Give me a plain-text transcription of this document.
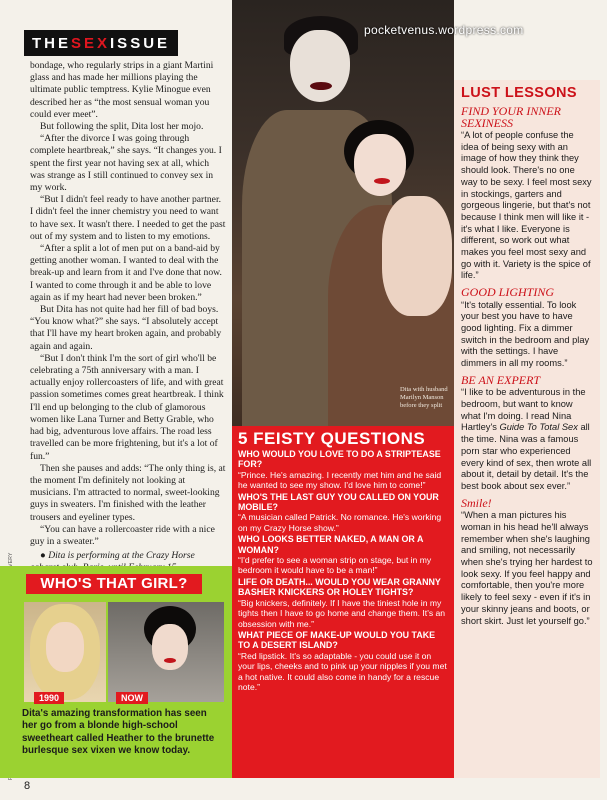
THE SEX ISSUE

bondage, who regularly strips in a giant Martini glass and has made her millions playing the ultimate public temptress. Kylie Minogue even described her as “the most sensual woman you could ever meet”.

But following the split, Dita lost her mojo.

“After the divorce I was going through complete heartbreak,” she says. “It changes you. I spent the first year not having sex at all, which was strange as I still continued to convey sex in my work.

“But I didn't feel ready to have another partner. I didn't feel the inner chemistry you need to want to have sex. It wasn't there. I needed to get the past out of my system and to listen to my emotions.

“After a split a lot of men put on a band-aid by getting another woman. I wanted to deal with the break-up and learn from it and I've done that now. I wanted to come through it and be able to love again as if my heart had never been broken.”

But Dita has not quite had her fill of bad boys. “You know what?” she says. “I absolutely accept that I'll have my heart broken again, and probably again and again.

“But I don't think I'm the sort of girl who'll be celebrating a 75th anniversary with a man. I actually enjoy rollercoasters of life, and with great passion sometimes comes great heartbreak. I think I'll end up belonging to the club of glamorous women like Lana Turner and Betty Grable, who had big, adventurous love affairs. The road less travelled can be more frightening, but it's a lot of fun.”

Then she pauses and adds: “The only thing is, at the moment I'm definitely not looking at musicians. I'm attracted to normal, sweet-looking guys in sweaters. I'm finished with the leather trousers and eyeliner types.

“You can have a rollercoaster ride with a nice guy in a sweater.”

● Dita is performing at the Crazy Horse

Dita with husband Marilyn Manson before they split
pocketvenus.wordpress.com
5 FEISTY QUESTIONS
WHO WOULD YOU LOVE TO DO A STRIPTEASE FOR?
“Prince. He's amazing. I recently met him and he said he wanted to see my show. I'd love him to come!”
WHO'S THE LAST GUY YOU CALLED ON YOUR MOBILE?
“A musician called Patrick. No romance. He's working on my Crazy Horse show.”
WHO LOOKS BETTER NAKED, A MAN OR A WOMAN?
“I'd prefer to see a woman strip on stage, but in my bedroom it would have to be a man!”
LIFE OR DEATH... WOULD YOU WEAR GRANNY BASHER KNICKERS OR HOLEY TIGHTS?
“Big knickers, definitely. If I have the tiniest hole in my tights then I have to go home and change them. It's an obsession with me.”
WHAT PIECE OF MAKE-UP WOULD YOU TAKE TO A DESERT ISLAND?
“Red lipstick. It's so adaptable - you could use it on your lips, cheeks and to pink up your nipples if you met a hot native. It could also come in handy for a rescue note.”
LUST LESSONS
FIND YOUR INNER SEXINESS
“A lot of people confuse the idea of being sexy with an image of how they think they should look. There's no one way to be sexy. I feel most sexy in stockings, garters and gorgeous lingerie, but that's not because I think men will like it - it's what I like. Everyone is different, so work out what makes you feel most sexy and go with it. Variety is the spice of life.”
GOOD LIGHTING
“It's totally essential. To look your best you have to have good lighting. Fix a dimmer switch in the bedroom and play with the settings. I have dimmers in all my rooms.”
BE AN EXPERT
“I like to be adventurous in the bedroom, but want to know what I'm doing. I read Nina Hartley's Guide To Total Sex all the time. Nina was a famous porn star who experienced every kind of sex, then wrote all about it, detail by detail. It's the best book about sex ever.”
Smile!
“When a man pictures his woman in his head he'll always remember when she's laughing and smiling, not necessarily when she's trying her hardest to look sexy. If you feel happy and comfortable, then you're more likely to feel sexy - even if it's in your skinny jeans and boots, or short skirt. Just let yourself go.”
WHO'S THAT GIRL?
1990	NOW
Dita's amazing transformation has seen her go from a blonde high-school sweetheart called Heather to the brunette burlesque sex vixen we know today.
8
